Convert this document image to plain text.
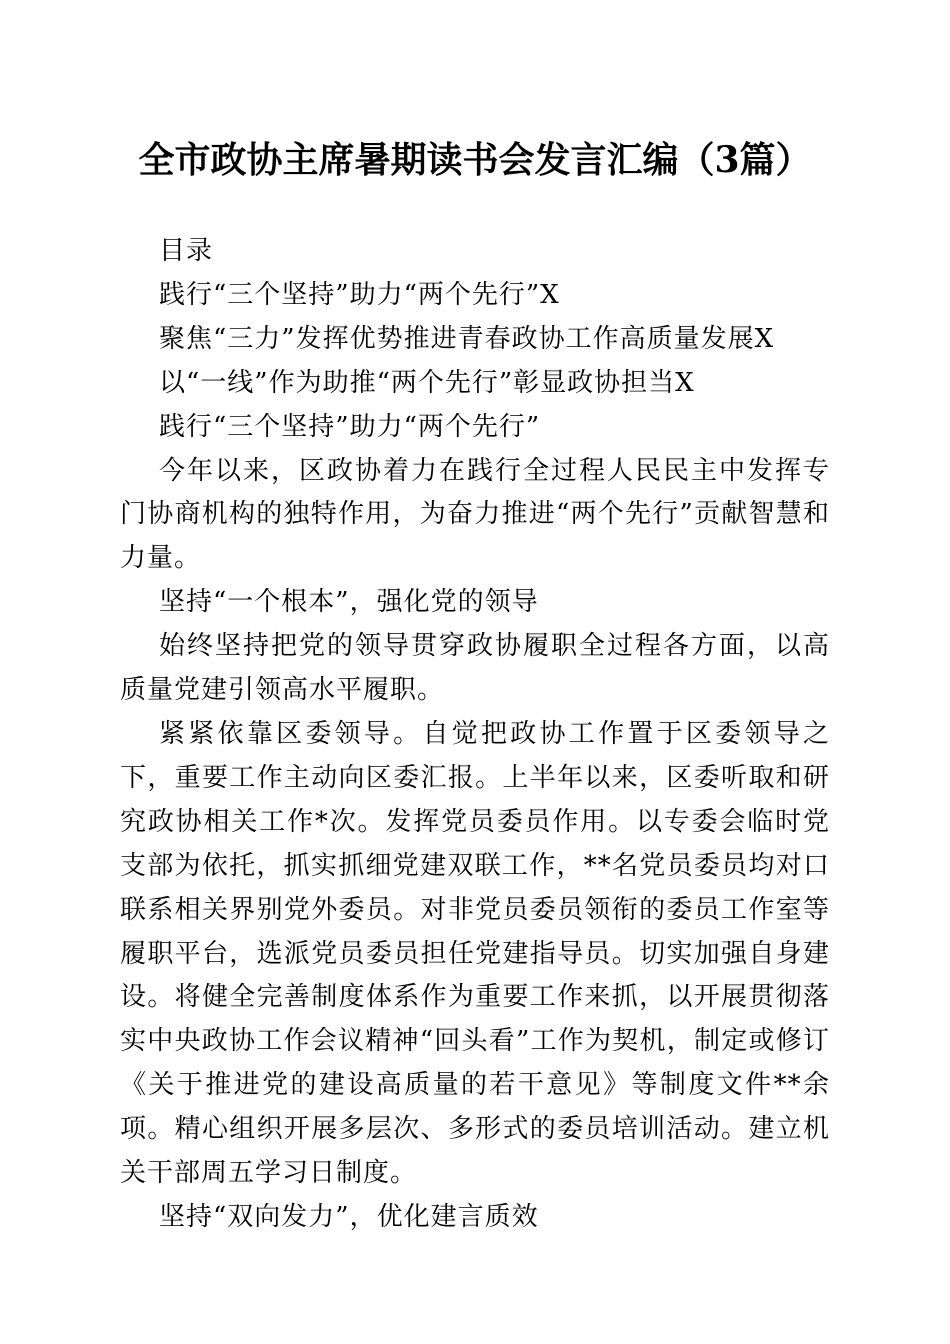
全市政协主席暑期读书会发言汇编（3篇）

目录

践行“三个坚持”助力“两个先行”X

聚焦“三力”发挥优势推进青春政协工作高质量发展X

以“一线”作为助推“两个先行”彰显政协担当X

践行“三个坚持”助力“两个先行”

今年以来，区政协着力在践行全过程人民民主中发挥专门协商机构的独特作用，为奋力推进“两个先行”贡献智慧和力量。

坚持“一个根本”，强化党的领导

始终坚持把党的领导贯穿政协履职全过程各方面，以高质量党建引领高水平履职。

紧紧依靠区委领导。自觉把政协工作置于区委领导之下，重要工作主动向区委汇报。上半年以来，区委听取和研究政协相关工作*次。发挥党员委员作用。以专委会临时党支部为依托，抓实抓细党建双联工作，**名党员委员均对口联系相关界别党外委员。对非党员委员领衔的委员工作室等履职平台，选派党员委员担任党建指导员。切实加强自身建设。将健全完善制度体系作为重要工作来抓，以开展贯彻落实中央政协工作会议精神“回头看”工作为契机，制定或修订《关于推进党的建设高质量的若干意见》等制度文件**余项。精心组织开展多层次、多形式的委员培训活动。建立机关干部周五学习日制度。

坚持“双向发力”，优化建言质效
